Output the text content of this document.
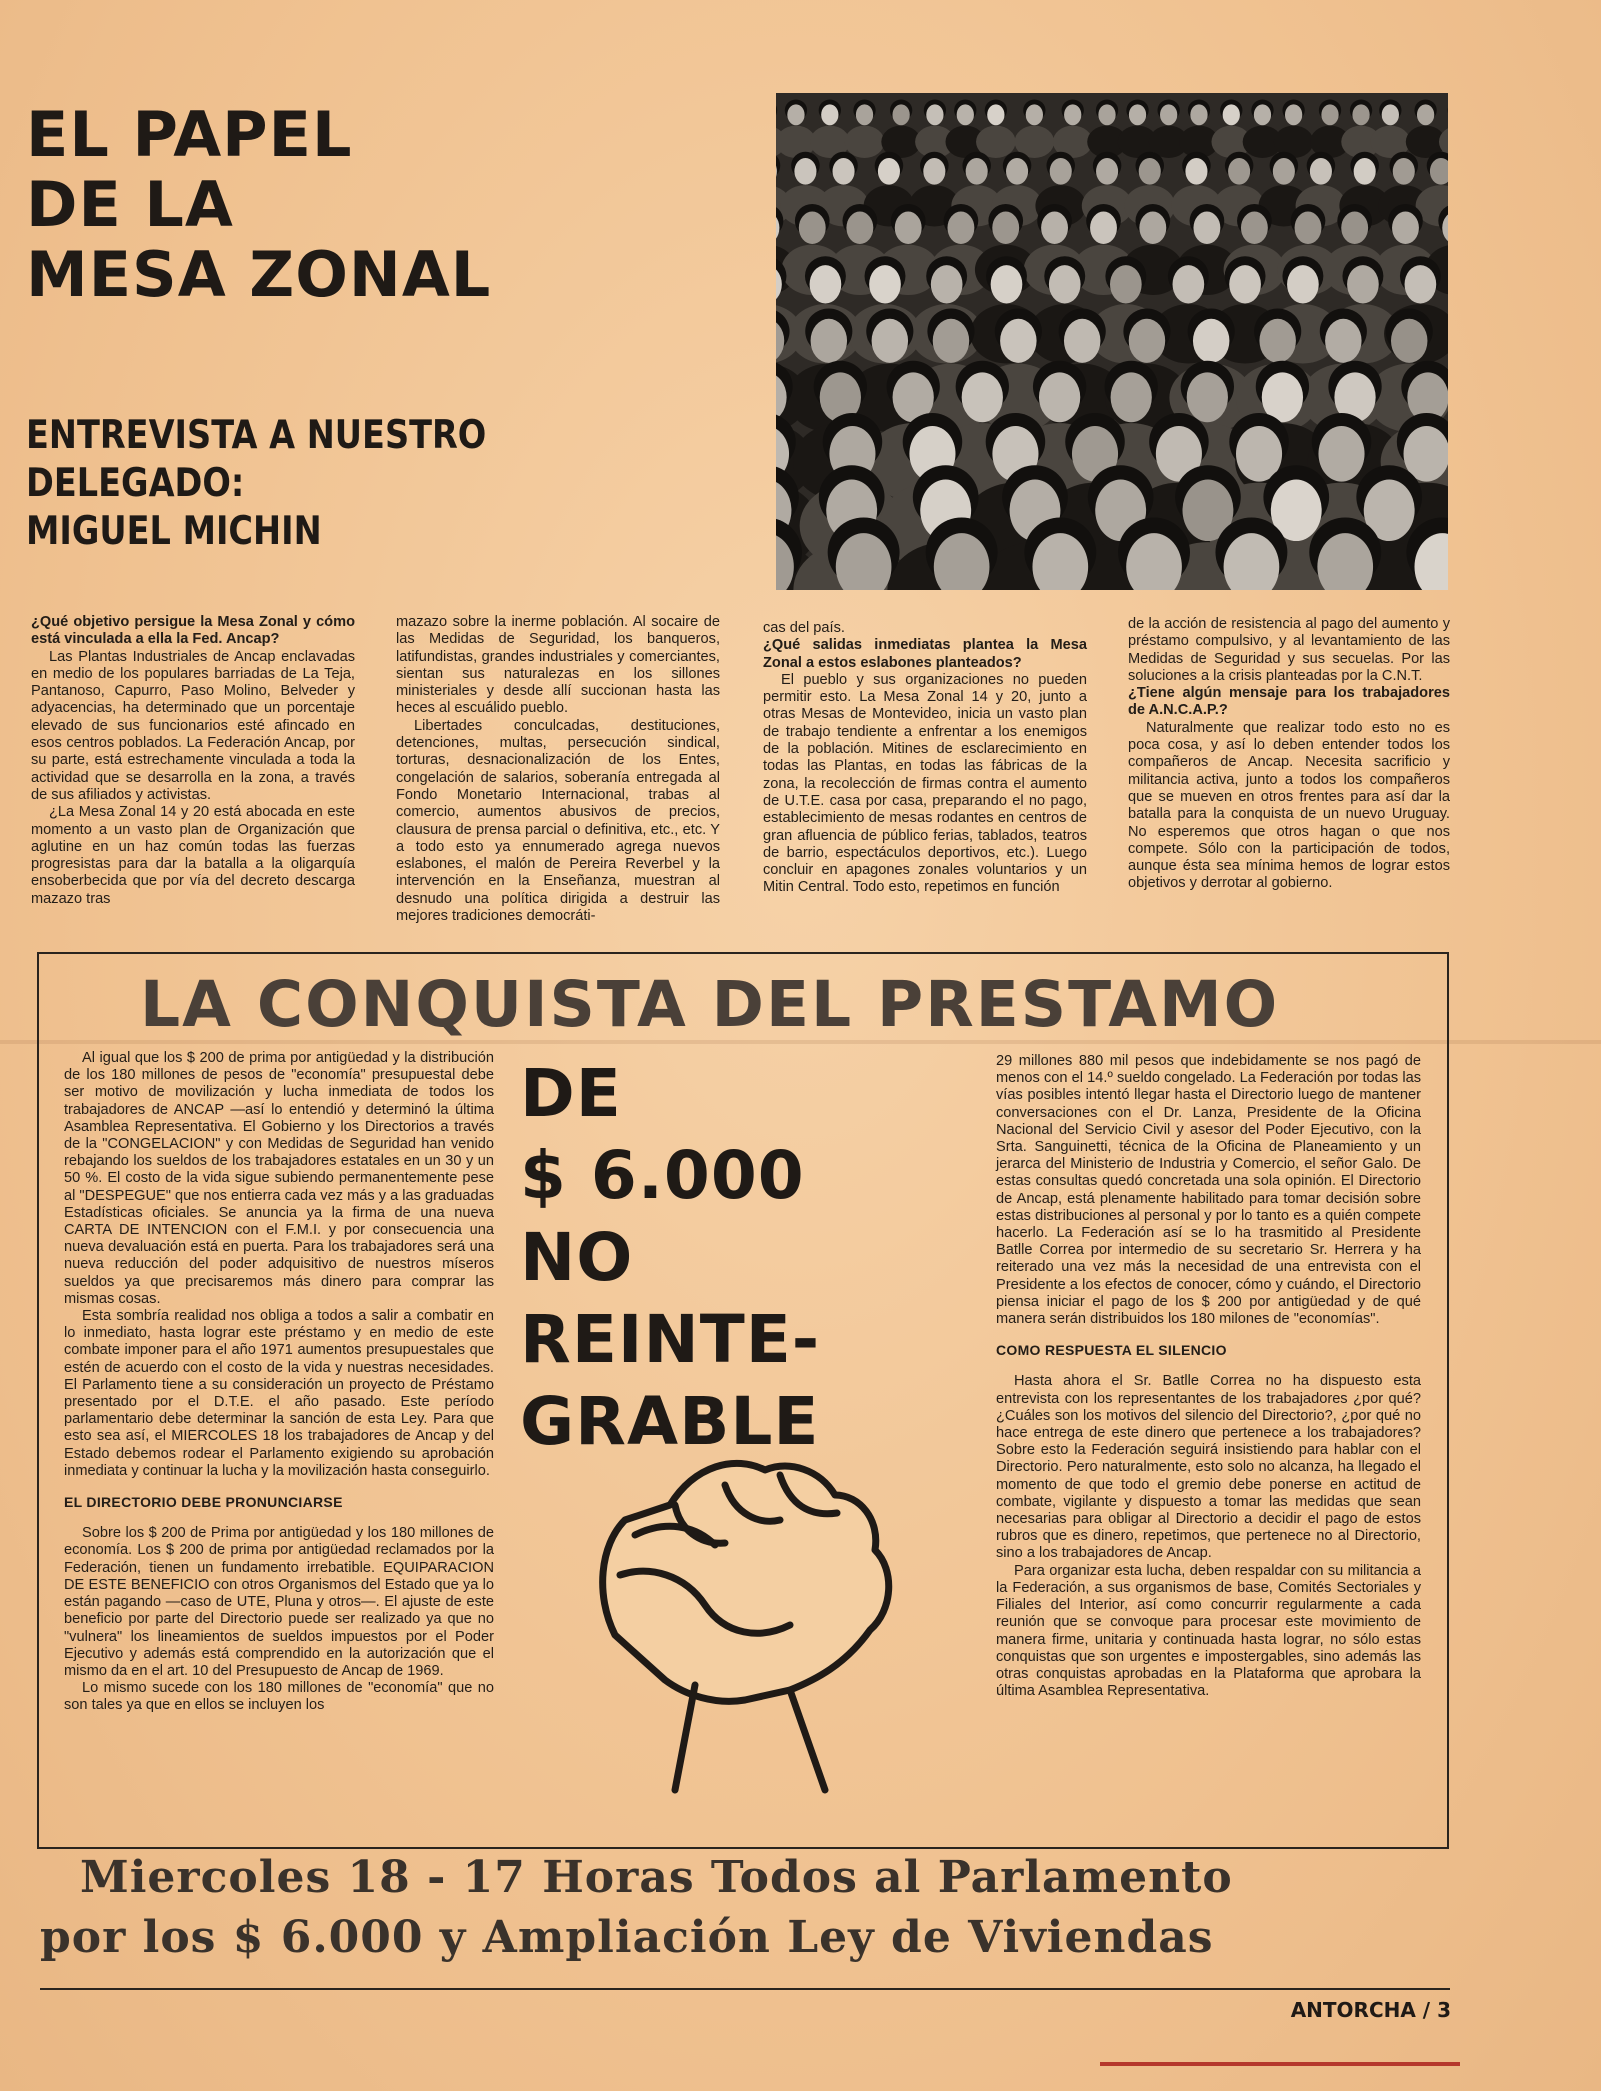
EL PAPEL
DE LA
MESA ZONAL
ENTREVISTA A NUESTRO
DELEGADO:
MIGUEL MICHIN

¿Qué objetivo persigue la Mesa Zonal y cómo está vinculada a ella la Fed. Ancap?

Las Plantas Industriales de Ancap enclavadas en medio de los populares barriadas de La Teja, Pantanoso, Capurro, Paso Molino, Belveder y adyacencias, ha determinado que un porcentaje elevado de sus funcionarios esté afincado en esos centros poblados. La Federación Ancap, por su parte, está estrechamente vinculada a toda la actividad que se desarrolla en la zona, a través de sus afiliados y activistas.

¿La Mesa Zonal 14 y 20 está abocada en este momento a un vasto plan de Organización que aglutine en un haz común todas las fuerzas progresistas para dar la batalla a la oligarquía ensoberbecida que por vía del decreto descarga mazazo tras

mazazo sobre la inerme población. Al socaire de las Medidas de Seguridad, los banqueros, latifundistas, grandes industriales y comerciantes, sientan sus naturalezas en los sillones ministeriales y desde allí succionan hasta las heces al escuálido pueblo.

Libertades conculcadas, destituciones, detenciones, multas, persecución sindical, torturas, desnacionalización de los Entes, congelación de salarios, soberanía entregada al Fondo Monetario Internacional, trabas al comercio, aumentos abusivos de precios, clausura de prensa parcial o definitiva, etc., etc. Y a todo esto ya ennumerado agrega nuevos eslabones, el malón de Pereira Reverbel y la intervención en la Enseñanza, muestran al desnudo una política dirigida a destruir las mejores tradiciones democráti-

cas del país.

¿Qué salidas inmediatas plantea la Mesa Zonal a estos eslabones planteados?

El pueblo y sus organizaciones no pueden permitir esto. La Mesa Zonal 14 y 20, junto a otras Mesas de Montevideo, inicia un vasto plan de trabajo tendiente a enfrentar a los enemigos de la población. Mitines de esclarecimiento en todas las Plantas, en todas las fábricas de la zona, la recolección de firmas contra el aumento de U.T.E. casa por casa, preparando el no pago, establecimiento de mesas rodantes en centros de gran afluencia de público ferias, tablados, teatros de barrio, espectáculos deportivos, etc.). Luego concluir en apagones zonales voluntarios y un Mitin Central. Todo esto, repetimos en función

de la acción de resistencia al pago del aumento y préstamo compulsivo, y al levantamiento de las Medidas de Seguridad y sus secuelas. Por las soluciones a la crisis planteadas por la C.N.T.

¿Tiene algún mensaje para los trabajadores de A.N.C.A.P.?

Naturalmente que realizar todo esto no es poca cosa, y así lo deben entender todos los compañeros de Ancap. Necesita sacrificio y militancia activa, junto a todos los compañeros que se mueven en otros frentes para así dar la batalla para la conquista de un nuevo Uruguay. No esperemos que otros hagan o que nos compete. Sólo con la participación de todos, aunque ésta sea mínima hemos de lograr estos objetivos y derrotar al gobierno.

LA CONQUISTA DEL PRESTAMO

Al igual que los $ 200 de prima por antigüedad y la distribución de los 180 millones de pesos de "economía" presupuestal debe ser motivo de movilización y lucha inmediata de todos los trabajadores de ANCAP —así lo entendió y determinó la última Asamblea Representativa. El Gobierno y los Directorios a través de la "CONGELACION" y con Medidas de Seguridad han venido rebajando los sueldos de los trabajadores estatales en un 30 y un 50 %. El costo de la vida sigue subiendo permanentemente pese al "DESPEGUE" que nos entierra cada vez más y a las graduadas Estadísticas oficiales. Se anuncia ya la firma de una nueva CARTA DE INTENCION con el F.M.I. y por consecuencia una nueva devaluación está en puerta. Para los trabajadores será una nueva reducción del poder adquisitivo de nuestros míseros sueldos ya que precisaremos más dinero para comprar las mismas cosas.

Esta sombría realidad nos obliga a todos a salir a combatir en lo inmediato, hasta lograr este préstamo y en medio de este combate imponer para el año 1971 aumentos presupuestales que estén de acuerdo con el costo de la vida y nuestras necesidades. El Parlamento tiene a su consideración un proyecto de Préstamo presentado por el D.T.E. el año pasado. Este período parlamentario debe determinar la sanción de esta Ley. Para que esto sea así, el MIERCOLES 18 los trabajadores de Ancap y del Estado debemos rodear el Parlamento exigiendo su aprobación inmediata y continuar la lucha y la movilización hasta conseguirlo.

EL DIRECTORIO DEBE PRONUNCIARSE

Sobre los $ 200 de Prima por antigüedad y los 180 millones de economía. Los $ 200 de prima por antigüedad reclamados por la Federación, tienen un fundamento irrebatible. EQUIPARACION DE ESTE BENEFICIO con otros Organismos del Estado que ya lo están pagando —caso de UTE, Pluna y otros—. El ajuste de este beneficio por parte del Directorio puede ser realizado ya que no "vulnera" los lineamientos de sueldos impuestos por el Poder Ejecutivo y además está comprendido en la autorización que el mismo da en el art. 10 del Presupuesto de Ancap de 1969.

Lo mismo sucede con los 180 millones de "economía" que no son tales ya que en ellos se incluyen los

DE
$ 6.000
NO
REINTE-
GRABLE

29 millones 880 mil pesos que indebidamente se nos pagó de menos con el 14.º sueldo congelado. La Federación por todas las vías posibles intentó llegar hasta el Directorio luego de mantener conversaciones con el Dr. Lanza, Presidente de la Oficina Nacional del Servicio Civil y asesor del Poder Ejecutivo, con la Srta. Sanguinetti, técnica de la Oficina de Planeamiento y un jerarca del Ministerio de Industria y Comercio, el señor Galo. De estas consultas quedó concretada una sola opinión. El Directorio de Ancap, está plenamente habilitado para tomar decisión sobre estas distribuciones al personal y por lo tanto es a quién compete hacerlo. La Federación así se lo ha trasmitido al Presidente Batlle Correa por intermedio de su secretario Sr. Herrera y ha reiterado una vez más la necesidad de una entrevista con el Presidente a los efectos de conocer, cómo y cuándo, el Directorio piensa iniciar el pago de los $ 200 por antigüedad y de qué manera serán distribuidos los 180 milones de "economías".

COMO RESPUESTA EL SILENCIO

Hasta ahora el Sr. Batlle Correa no ha dispuesto esta entrevista con los representantes de los trabajadores ¿por qué? ¿Cuáles son los motivos del silencio del Directorio?, ¿por qué no hace entrega de este dinero que pertenece a los trabajadores? Sobre esto la Federación seguirá insistiendo para hablar con el Directorio. Pero naturalmente, esto solo no alcanza, ha llegado el momento de que todo el gremio debe ponerse en actitud de combate, vigilante y dispuesto a tomar las medidas que sean necesarias para obligar al Directorio a decidir el pago de estos rubros que es dinero, repetimos, que pertenece no al Directorio, sino a los trabajadores de Ancap.

Para organizar esta lucha, deben respaldar con su militancia a la Federación, a sus organismos de base, Comités Sectoriales y Filiales del Interior, así como concurrir regularmente a cada reunión que se convoque para procesar este movimiento de manera firme, unitaria y continuada hasta lograr, no sólo estas conquistas que son urgentes e impostergables, sino además las otras conquistas aprobadas en la Plataforma que aprobara la última Asamblea Representativa.

Miercoles 18 - 17 Horas Todos al Parlamento

por los $ 6.000 y Ampliación Ley de Viviendas

ANTORCHA / 3
